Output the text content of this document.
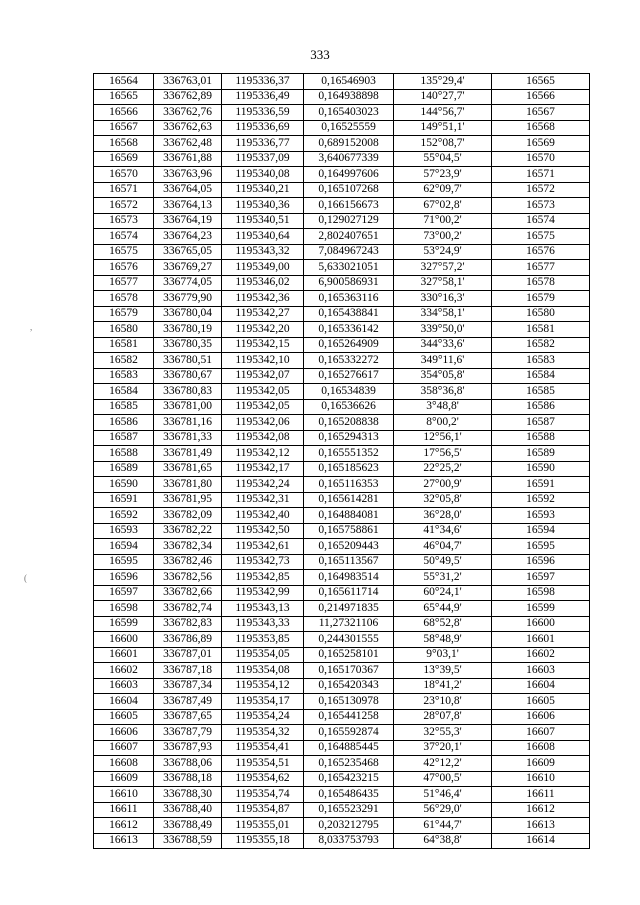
333
,
(
16564	336763,01	1195336,37	0,16546903	135°29,4'	16565
16565	336762,89	1195336,49	0,164938898	140°27,7'	16566
16566	336762,76	1195336,59	0,165403023	144°56,7'	16567
16567	336762,63	1195336,69	0,16525559	149°51,1'	16568
16568	336762,48	1195336,77	0,689152008	152°08,7'	16569
16569	336761,88	1195337,09	3,640677339	55°04,5'	16570
16570	336763,96	1195340,08	0,164997606	57°23,9'	16571
16571	336764,05	1195340,21	0,165107268	62°09,7'	16572
16572	336764,13	1195340,36	0,166156673	67°02,8'	16573
16573	336764,19	1195340,51	0,129027129	71°00,2'	16574
16574	336764,23	1195340,64	2,802407651	73°00,2'	16575
16575	336765,05	1195343,32	7,084967243	53°24,9'	16576
16576	336769,27	1195349,00	5,633021051	327°57,2'	16577
16577	336774,05	1195346,02	6,900586931	327°58,1'	16578
16578	336779,90	1195342,36	0,165363116	330°16,3'	16579
16579	336780,04	1195342,27	0,165438841	334°58,1'	16580
16580	336780,19	1195342,20	0,165336142	339°50,0'	16581
16581	336780,35	1195342,15	0,165264909	344°33,6'	16582
16582	336780,51	1195342,10	0,165332272	349°11,6'	16583
16583	336780,67	1195342,07	0,165276617	354°05,8'	16584
16584	336780,83	1195342,05	0,16534839	358°36,8'	16585
16585	336781,00	1195342,05	0,16536626	3°48,8'	16586
16586	336781,16	1195342,06	0,165208838	8°00,2'	16587
16587	336781,33	1195342,08	0,165294313	12°56,1'	16588
16588	336781,49	1195342,12	0,165551352	17°56,5'	16589
16589	336781,65	1195342,17	0,165185623	22°25,2'	16590
16590	336781,80	1195342,24	0,165116353	27°00,9'	16591
16591	336781,95	1195342,31	0,165614281	32°05,8'	16592
16592	336782,09	1195342,40	0,164884081	36°28,0'	16593
16593	336782,22	1195342,50	0,165758861	41°34,6'	16594
16594	336782,34	1195342,61	0,165209443	46°04,7'	16595
16595	336782,46	1195342,73	0,165113567	50°49,5'	16596
16596	336782,56	1195342,85	0,164983514	55°31,2'	16597
16597	336782,66	1195342,99	0,165611714	60°24,1'	16598
16598	336782,74	1195343,13	0,214971835	65°44,9'	16599
16599	336782,83	1195343,33	11,27321106	68°52,8'	16600
16600	336786,89	1195353,85	0,244301555	58°48,9'	16601
16601	336787,01	1195354,05	0,165258101	9°03,1'	16602
16602	336787,18	1195354,08	0,165170367	13°39,5'	16603
16603	336787,34	1195354,12	0,165420343	18°41,2'	16604
16604	336787,49	1195354,17	0,165130978	23°10,8'	16605
16605	336787,65	1195354,24	0,165441258	28°07,8'	16606
16606	336787,79	1195354,32	0,165592874	32°55,3'	16607
16607	336787,93	1195354,41	0,164885445	37°20,1'	16608
16608	336788,06	1195354,51	0,165235468	42°12,2'	16609
16609	336788,18	1195354,62	0,165423215	47°00,5'	16610
16610	336788,30	1195354,74	0,165486435	51°46,4'	16611
16611	336788,40	1195354,87	0,165523291	56°29,0'	16612
16612	336788,49	1195355,01	0,203212795	61°44,7'	16613
16613	336788,59	1195355,18	8,033753793	64°38,8'	16614
